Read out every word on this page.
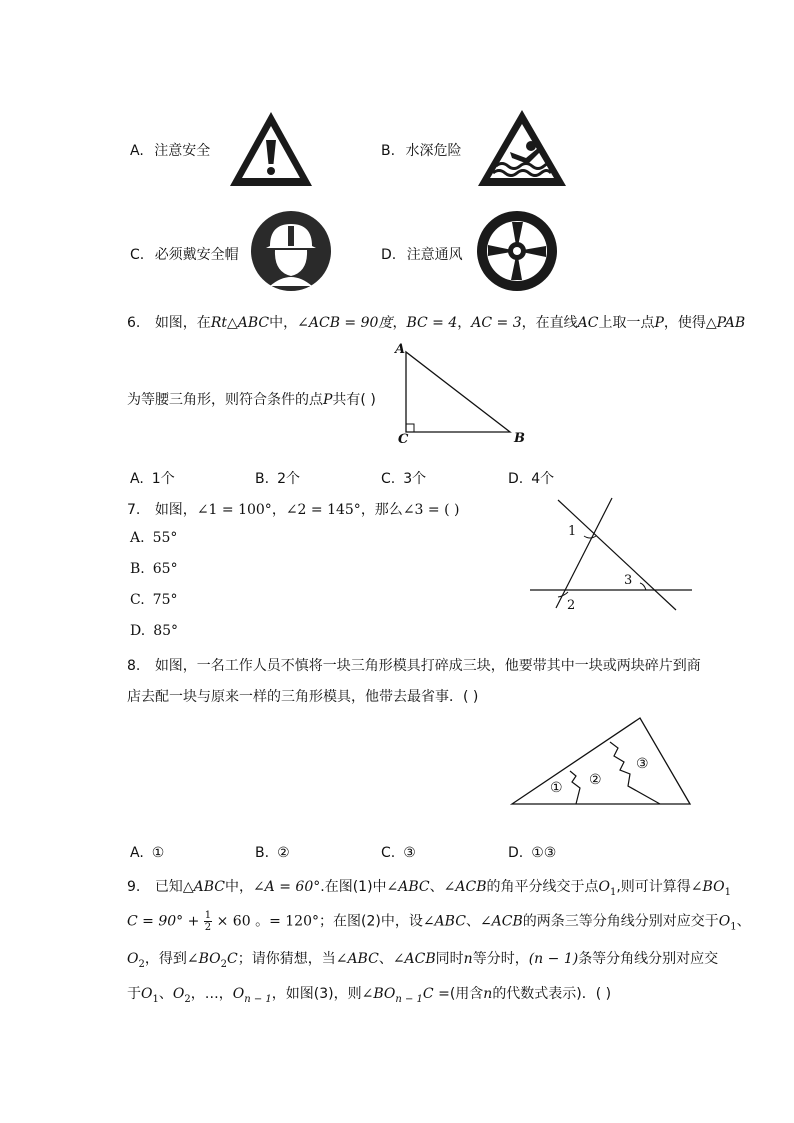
A. 注意安全	B. 水深危险
C. 必须戴安全帽	D. 注意通风
6. 如图，在Rt△ABC中，∠ACB = 90度，BC = 4，AC = 3，在直线AC上取一点P，使得△PAB
A
C	B
为等腰三角形，则符合条件的点P共有( )
A. 1个	B. 2个	C. 3个	D. 4个
7. 如图，∠1 = 100°，∠2 = 145°，那么∠3 = ( )
A. 55°
B. 65°
C. 75°
D. 85°
1
2
3
8. 如图，一名工作人员不慎将一块三角形模具打碎成三块，他要带其中一块或两块碎片到商
店去配一块与原来一样的三角形模具，他带去最省事．( )
① ②
③
A. ①	B. ②	C. ③	D. ①③
9. 已知△ABC中，∠A = 60°.在图(1)中∠ABC、∠ACB的角平分线交于点$O_1$,则可计算得$\angle BO_1$
$C = 90^\circ + \frac{1}{2} \times 60$ 。= 120°；在图(2)中，设∠ABC、∠ACB的两条三等分角线分别对应交于$O_1$、
$O_2$，得到$\angle BO_2C$；请你猜想，当∠ABC、∠ACB同时n等分时，(n − 1)条等分角线分别对应交
于$O_1$、$O_2$，…，$O_{n - 1}$，如图(3)，则$\angle BO_{n - 1}C$ =(用含n的代数式表示)．( )
